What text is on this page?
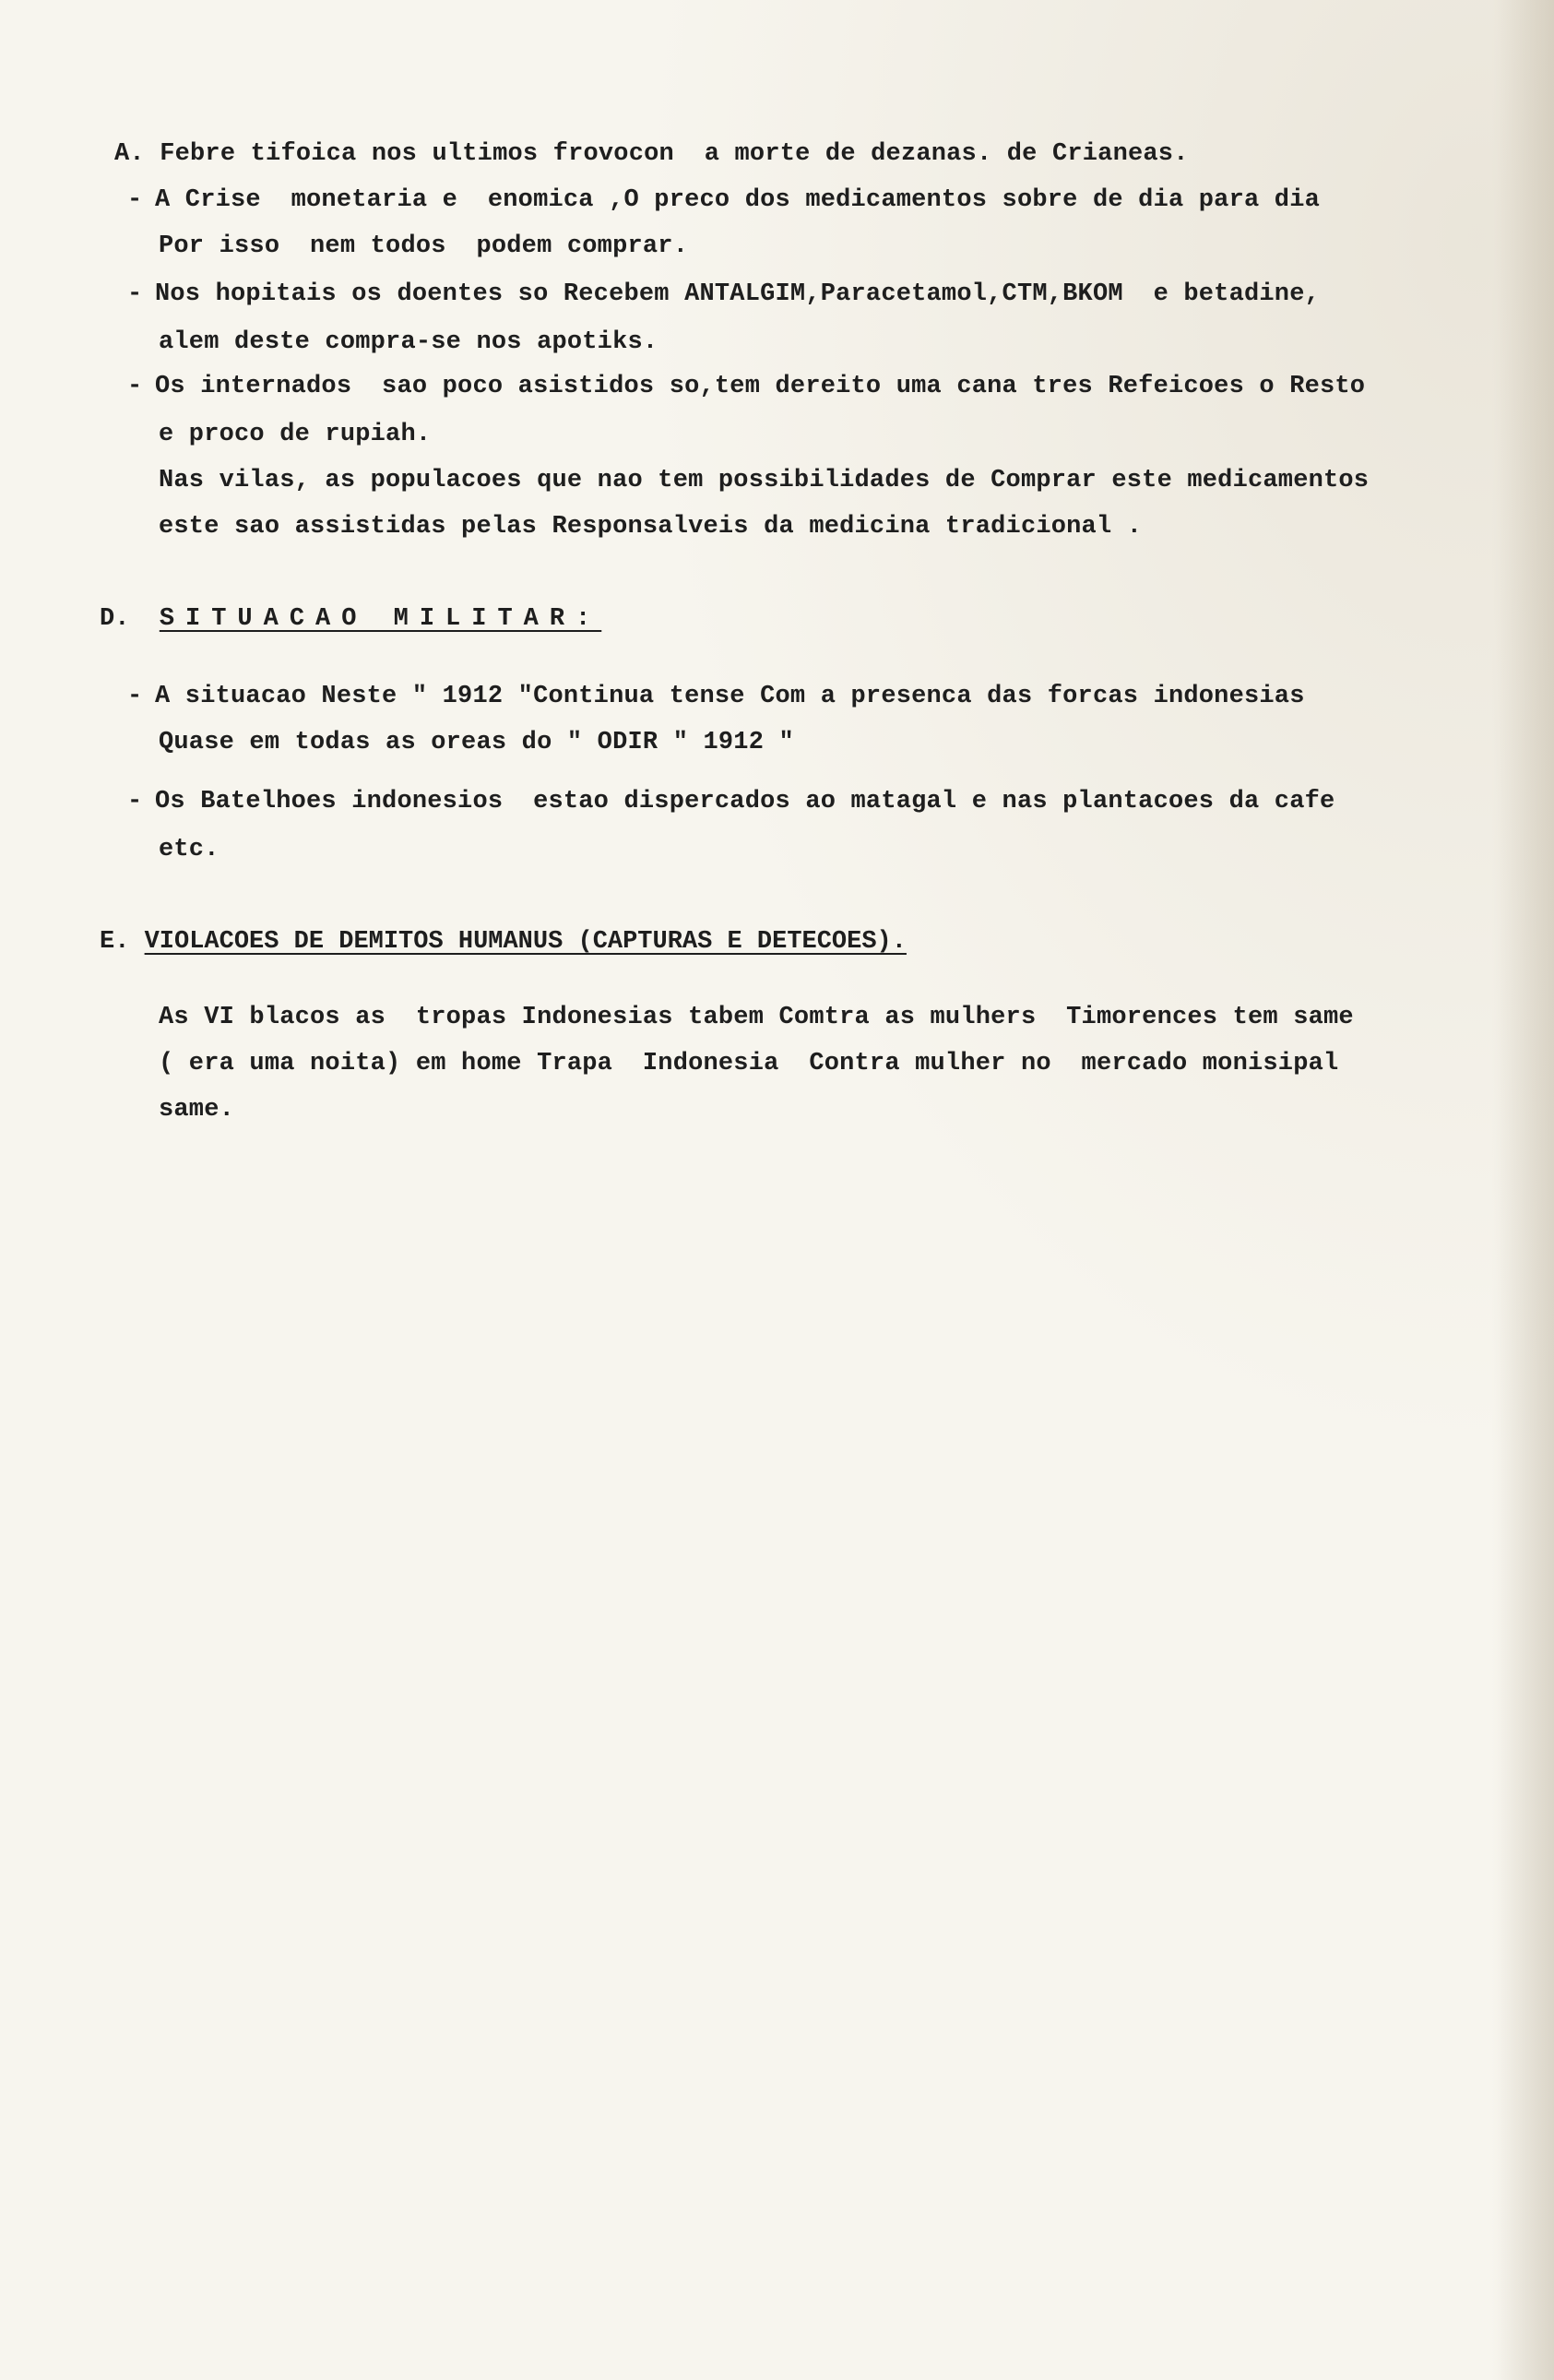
A. Febre tifoica nos ultimos frovocon  a morte de dezanas. de Crianeas.
- A Crise  monetaria e  enomica ,O preco dos medicamentos sobre de dia para dia
Por isso  nem todos  podem comprar.
- Nos hopitais os doentes so Recebem ANTALGIM,Paracetamol,CTM,BKOM  e betadine,
alem deste compra-se nos apotiks.
- Os internados  sao poco asistidos so,tem dereito uma cana tres Refeicoes o Resto
e proco de rupiah.
Nas vilas, as populacoes que nao tem possibilidades de Comprar este medicamentos
este sao assistidas pelas Responsalveis da medicina tradicional .
D. SITUACAO MILITAR:
- A situacao Neste " 1912 "Continua tense Com a presenca das forcas indonesias
Quase em todas as oreas do " ODIR " 1912 "
- Os Batelhoes indonesios  estao dispercados ao matagal e nas plantacoes da cafe
etc.
E. VIOLACOES DE DEMITOS HUMANUS (CAPTURAS E DETECOES).
As VI blacos as  tropas Indonesias tabem Comtra as mulhers  Timorences tem same
( era uma noita) em home Trapa  Indonesia  Contra mulher no  mercado monisipal
same.
